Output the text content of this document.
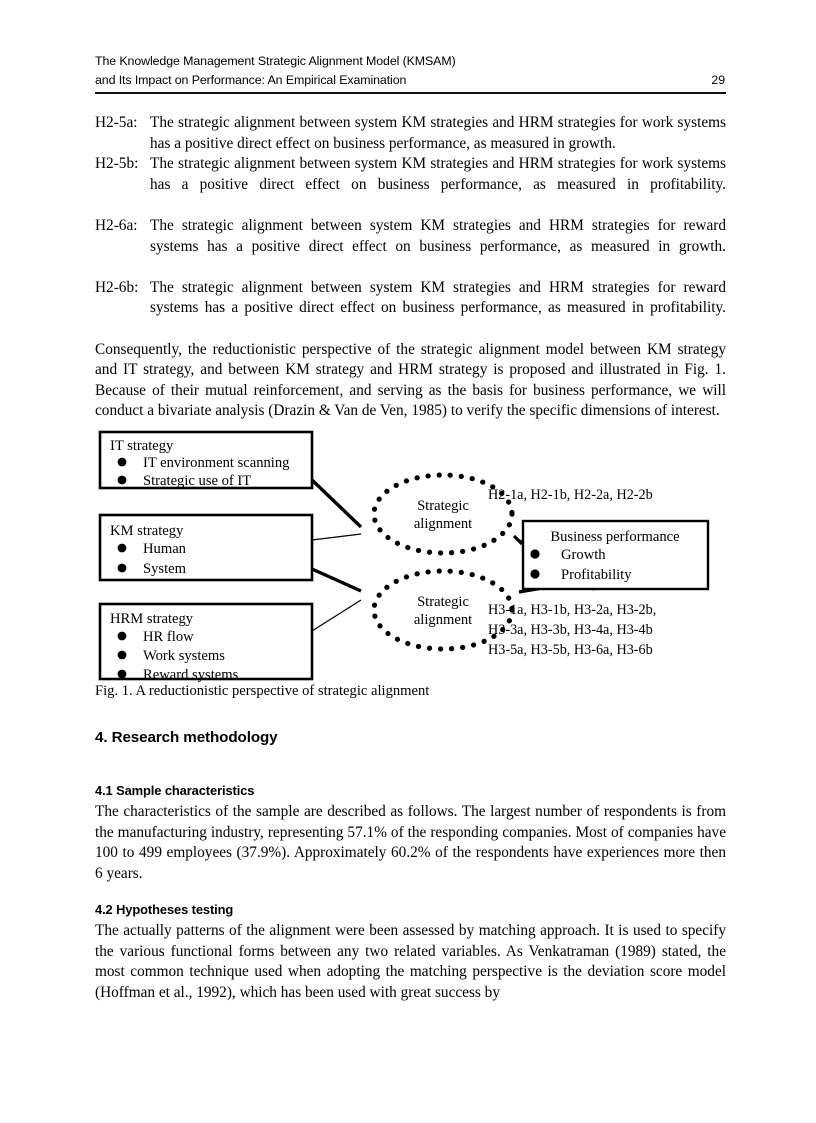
The Knowledge Management Strategic Alignment Model (KMSAM)
and Its Impact on Performance: An Empirical Examination	29
H2-5a: The strategic alignment between system KM strategies and HRM strategies for work systems has a positive direct effect on business performance, as measured in growth.
H2-5b: The strategic alignment between system KM strategies and HRM strategies for work systems has a positive direct effect on business performance, as measured in profitability.
H2-6a: The strategic alignment between system KM strategies and HRM strategies for reward systems has a positive direct effect on business performance, as measured in growth.
H2-6b: The strategic alignment between system KM strategies and HRM strategies for reward systems has a positive direct effect on business performance, as measured in profitability.

Consequently, the reductionistic perspective of the strategic alignment model between KM strategy and IT strategy, and between KM strategy and HRM strategy is proposed and illustrated in Fig. 1. Because of their mutual reinforcement, and serving as the basis for business performance, we will conduct a bivariate analysis (Drazin & Van de Ven, 1985) to verify the specific dimensions of interest.

IT strategy
IT environment scanning
Strategic use of IT
KM strategy
Human
System
HRM strategy
HR flow
Work systems
Reward systems
Strategic
alignment
Strategic
alignment
Business performance
Growth
Profitability
H2-1a, H2-1b, H2-2a, H2-2b
H3-1a, H3-1b, H3-2a, H3-2b,
H3-3a, H3-3b, H3-4a, H3-4b
H3-5a, H3-5b, H3-6a, H3-6b
Fig. 1. A reductionistic perspective of strategic alignment
4. Research methodology
4.1 Sample characteristics

The characteristics of the sample are described as follows. The largest number of respondents is from the manufacturing industry, representing 57.1% of the responding companies. Most of companies have 100 to 499 employees (37.9%). Approximately 60.2% of the respondents have experiences more then 6 years.

4.2 Hypotheses testing

The actually patterns of the alignment were been assessed by matching approach. It is used to specify the various functional forms between any two related variables. As Venkatraman (1989) stated, the most common technique used when adopting the matching perspective is the deviation score model (Hoffman et al., 1992), which has been used with great success by
